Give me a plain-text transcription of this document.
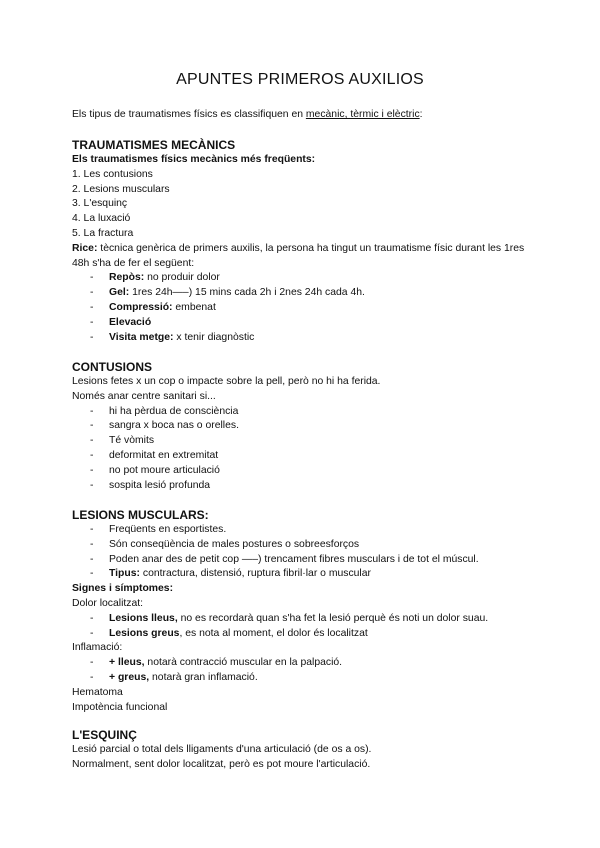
APUNTES PRIMEROS AUXILIOS

Els tipus de traumatismes físics es classifiquen en mecànic, tèrmic i elèctric:

TRAUMATISMES MECÀNICS

Els traumatismes físics mecànics més freqüents:

1. Les contusions

2. Lesions musculars

3. L'esquinç

4. La luxació

5. La fractura

Rice: tècnica genèrica de primers auxilis, la persona ha tingut un traumatisme físic durant les 1res 48h s'ha de fer el següent:

- Repòs: no produir dolor
- Gel: 1res 24h—–) 15 mins cada 2h i 2nes 24h cada 4h.
- Compressió: embenat
- Elevació
- Visita metge: x tenir diagnòstic

CONTUSIONS

Lesions fetes x un cop o impacte sobre la pell, però no hi ha ferida.

Només anar centre sanitari si...

- hi ha pèrdua de consciència
- sangra x boca nas o orelles.
- Té vòmits
- deformitat en extremitat
- no pot moure articulació
- sospita lesió profunda

LESIONS MUSCULARS:

- Freqüents en esportistes.
- Són conseqüència de males postures o sobreesforços
- Poden anar des de petit cop —–) trencament fibres musculars i de tot el múscul.
- Tipus: contractura, distensió, ruptura fibril·lar o muscular

Signes i símptomes:

Dolor localitzat:

- Lesions lleus, no es recordarà quan s'ha fet la lesió perquè és noti un dolor suau.
- Lesions greus, es nota al moment, el dolor és localitzat

Inflamació:

- + lleus, notarà contracció muscular en la palpació.
- + greus, notarà gran inflamació.

Hematoma

Impotència funcional

L'ESQUINÇ

Lesió parcial o total dels lligaments d'una articulació (de os a os).

Normalment, sent dolor localitzat, però es pot moure l'articulació.
